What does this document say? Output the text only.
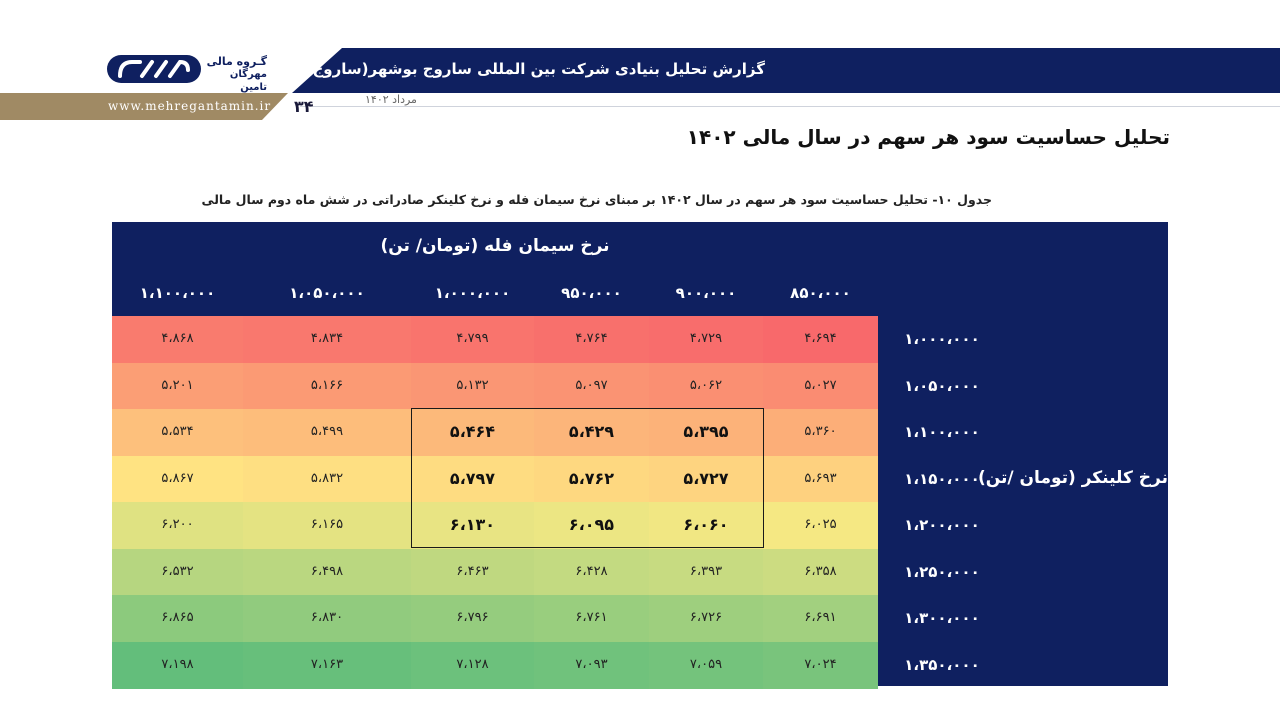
گزارش تحلیل بنیادی شرکت بین المللی ساروج بوشهر(ساروج)
www.mehregantamin.ir ۳۴	مرداد ۱۴۰۲
گـروه مالی
مهرگان تامین
تحلیل حساسیت سود هر سهم در سال مالی ۱۴۰۲
جدول ۱۰- تحلیل حساسیت سود هر سهم در سال ۱۴۰۲ بر مبنای نرخ سیمان فله و نرخ کلینکر صادراتی در شش ماه دوم سال مالی
نرخ سیمان فله (تومان/ تن)
نرخ کلینکر (تومان /تن)
۸۵۰،۰۰۰
۹۰۰،۰۰۰
۹۵۰،۰۰۰
۱،۰۰۰،۰۰۰
۱،۰۵۰،۰۰۰
۱،۱۰۰،۰۰۰
۱،۰۰۰،۰۰۰
۴،۶۹۴
۴،۷۲۹
۴،۷۶۴
۴،۷۹۹
۴،۸۳۴
۴،۸۶۸
۱،۰۵۰،۰۰۰
۵،۰۲۷
۵،۰۶۲
۵،۰۹۷
۵،۱۳۲
۵،۱۶۶
۵،۲۰۱
۱،۱۰۰،۰۰۰
۵،۳۶۰
۵،۳۹۵
۵،۴۲۹
۵،۴۶۴
۵،۴۹۹
۵،۵۳۴
۱،۱۵۰،۰۰۰
۵،۶۹۳
۵،۷۲۷
۵،۷۶۲
۵،۷۹۷
۵،۸۳۲
۵،۸۶۷
۱،۲۰۰،۰۰۰
۶،۰۲۵
۶،۰۶۰
۶،۰۹۵
۶،۱۳۰
۶،۱۶۵
۶،۲۰۰
۱،۲۵۰،۰۰۰
۶،۳۵۸
۶،۳۹۳
۶،۴۲۸
۶،۴۶۳
۶،۴۹۸
۶،۵۳۲
۱،۳۰۰،۰۰۰
۶،۶۹۱
۶،۷۲۶
۶،۷۶۱
۶،۷۹۶
۶،۸۳۰
۶،۸۶۵
۱،۳۵۰،۰۰۰
۷،۰۲۴
۷،۰۵۹
۷،۰۹۳
۷،۱۲۸
۷،۱۶۳
۷،۱۹۸
